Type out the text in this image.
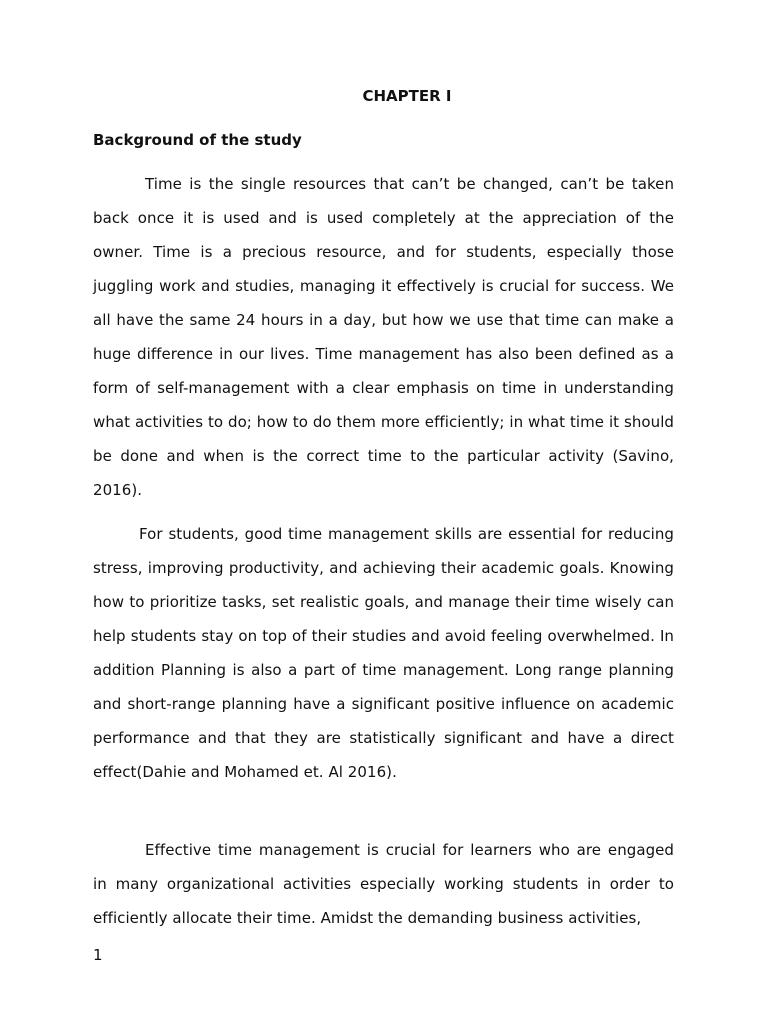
CHAPTER I
Background of the study

Time is the single resources that can’t be changed, can’t be taken back once it is used and is used completely at the appreciation of the owner. Time is a precious resource, and for students, especially those juggling work and studies, managing it effectively is crucial for success. We all have the same 24 hours in a day, but how we use that time can make a huge difference in our lives. Time management has also been defined as a form of self-management with a clear emphasis on time in understanding what activities to do; how to do them more efficiently; in what time it should be done and when is the correct time to the particular activity (Savino, 2016).

For students, good time management skills are essential for reducing stress, improving productivity, and achieving their academic goals. Knowing how to prioritize tasks, set realistic goals, and manage their time wisely can help students stay on top of their studies and avoid feeling overwhelmed. In addition Planning is also a part of time management. Long range planning and short-range planning have a significant positive influence on academic performance and that they are statistically significant and have a direct effect(Dahie and Mohamed et. Al 2016).

Effective time management is crucial for learners who are engaged in many organizational activities especially working students in order to efficiently allocate their time. Amidst the demanding business activities,

1
